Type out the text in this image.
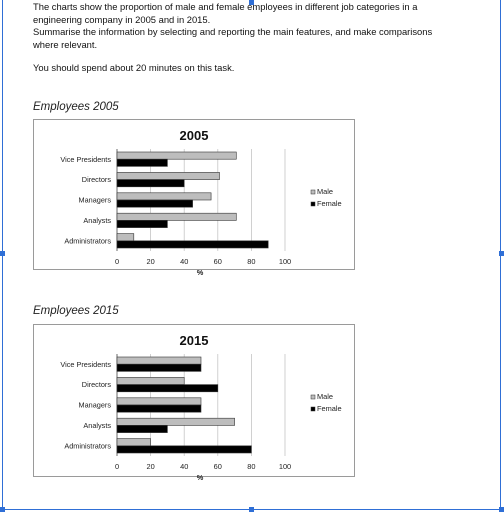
The charts show the proportion of male and female employees in different job categories in a

engineering company in 2005 and in 2015.

Summarise the information by selecting and reporting the main features, and make comparisons

where relevant.

You should spend about 20 minutes on this task.

Employees 2005
2005
0	20	40	60	80	100
Vice Presidents
Directors
Managers
Analysts
Administrators
%
Male
Female
Employees 2015
2015
0	20	40	60	80	100
Vice Presidents
Directors
Managers
Analysts
Administrators
%
Male
Female
